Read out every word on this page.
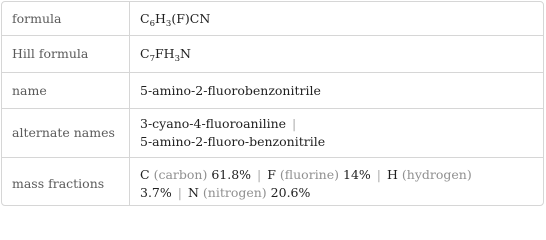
formula	$C_6H_3(F)CN$
Hill formula	$C_7FH_3N$
name	5-amino-2-fluorobenzonitrile
alternate names	3-cyano-4-fluoroaniline |
5-amino-2-fluoro-benzonitrile
mass fractions	C (carbon) 61.8% | F (fluorine) 14% | H (hydrogen)
3.7% | N (nitrogen) 20.6%
